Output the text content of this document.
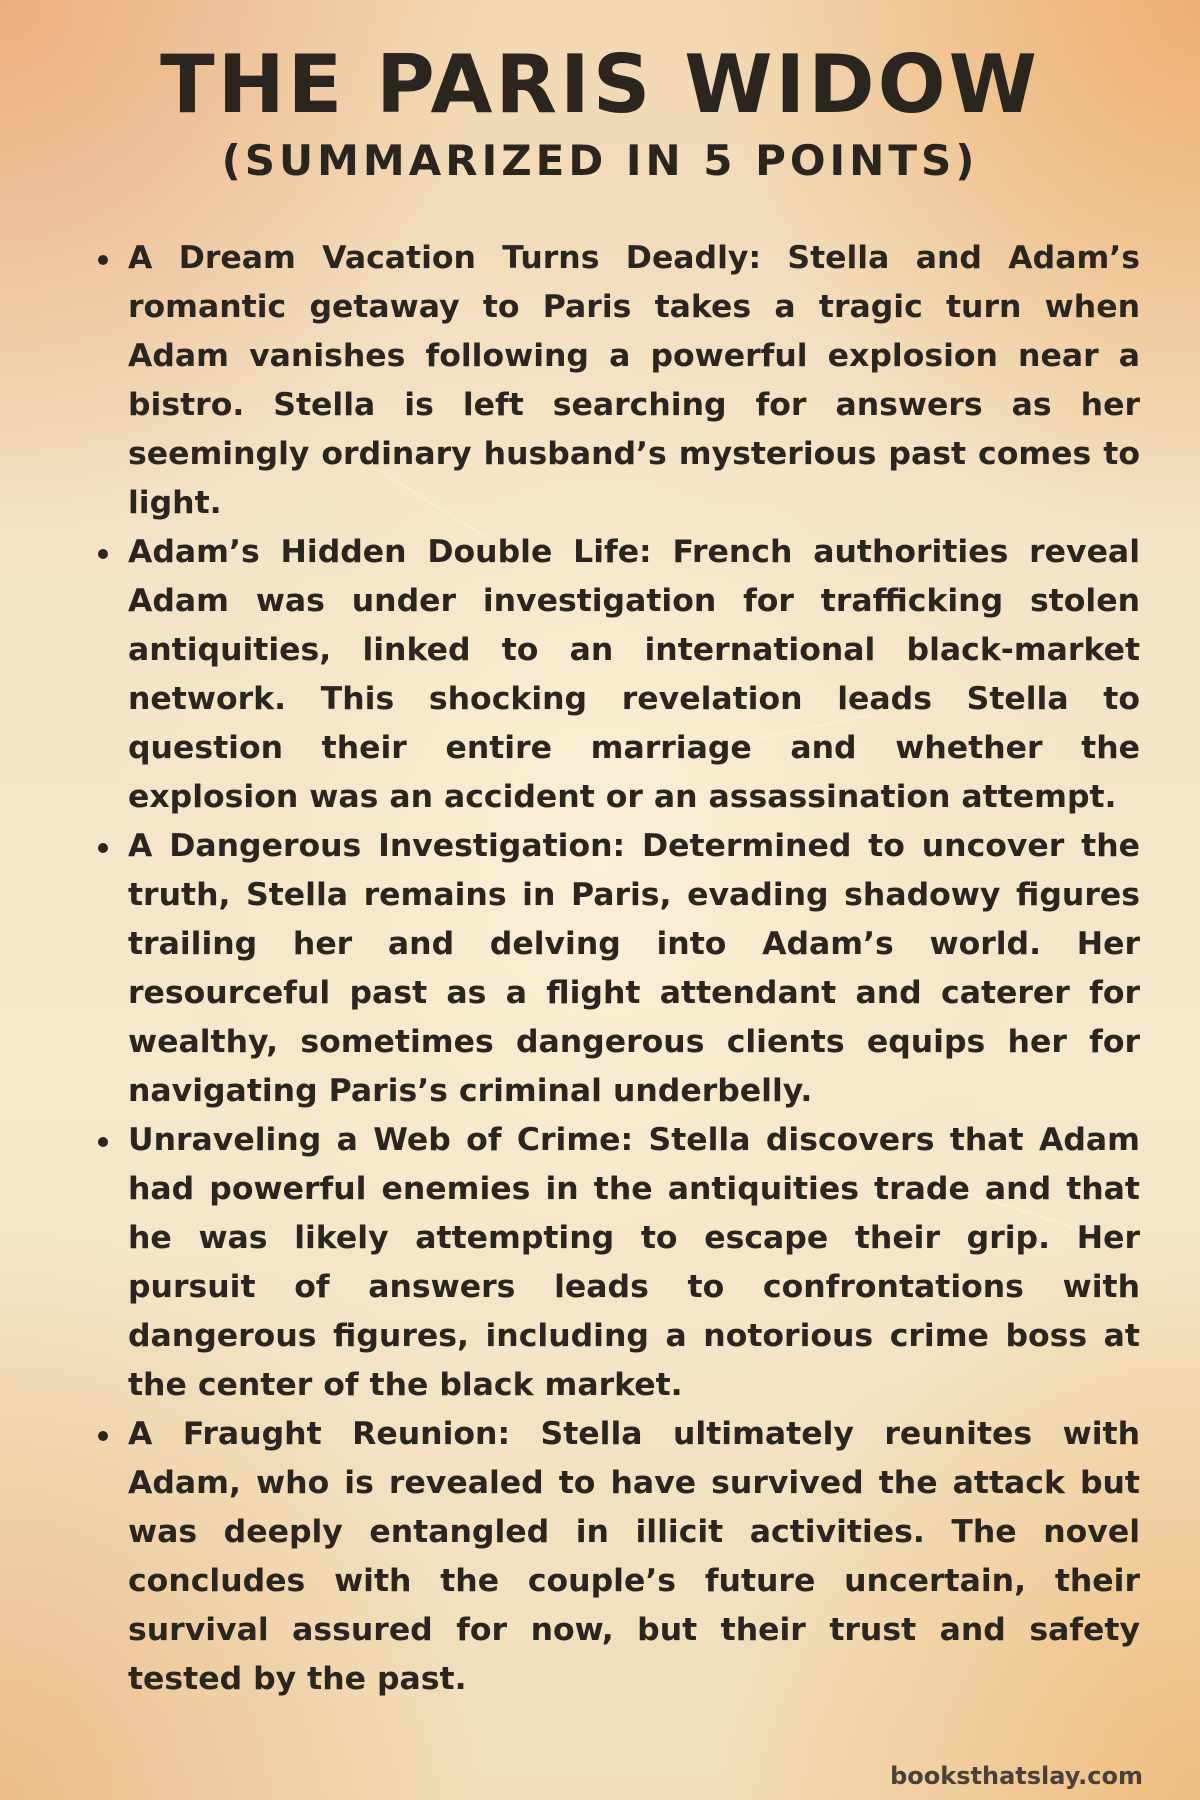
THE PARIS WIDOW
(SUMMARIZED IN 5 POINTS)
A Dream Vacation Turns Deadly: Stella and Adam’s romantic getaway to Paris takes a tragic turn when Adam vanishes following a powerful explosion near a bistro. Stella is left searching for answers as her seemingly ordinary husband’s mysterious past comes to light.
Adam’s Hidden Double Life: French authorities reveal Adam was under investigation for trafficking stolen antiquities, linked to an international black-market network. This shocking revelation leads Stella to question their entire marriage and whether the explosion was an accident or an assassination attempt.
A Dangerous Investigation: Determined to uncover the truth, Stella remains in Paris, evading shadowy figures trailing her and delving into Adam’s world. Her resourceful past as a flight attendant and caterer for wealthy, sometimes dangerous clients equips her for navigating Paris’s criminal underbelly.
Unraveling a Web of Crime: Stella discovers that Adam had powerful enemies in the antiquities trade and that he was likely attempting to escape their grip. Her pursuit of answers leads to confrontations with dangerous figures, including a notorious crime boss at the center of the black market.
A Fraught Reunion: Stella ultimately reunites with Adam, who is revealed to have survived the attack but was deeply entangled in illicit activities. The novel concludes with the couple’s future uncertain, their survival assured for now, but their trust and safety tested by the past.
booksthatslay.com
